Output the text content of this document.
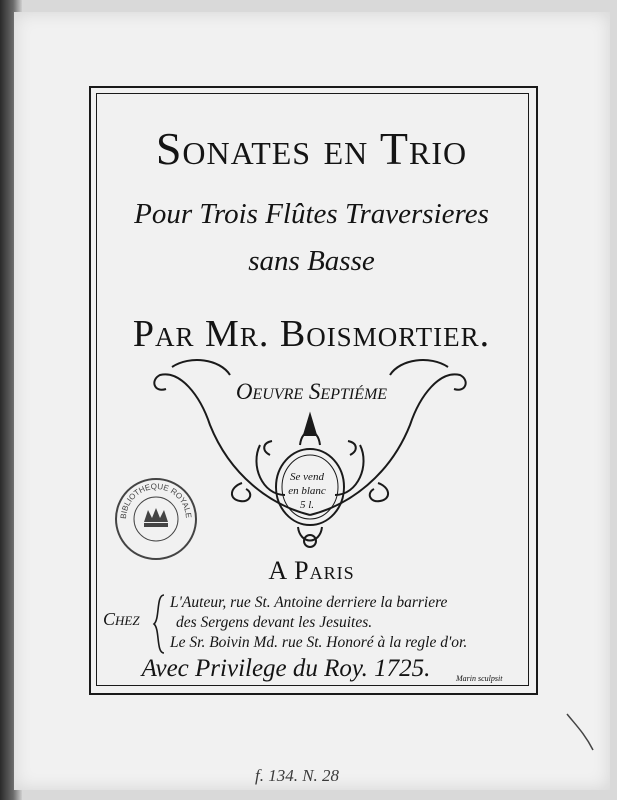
Sonates en Trio
Pour Trois Flûtes Traversieres
sans Basse
Par Mr. Boismortier.
Oeuvre Septiéme
Se vend
en blanc
5 l.
BIBLIOTHEQUE ROYALE
A Paris
Chez
L'Auteur, rue St. Antoine derriere la barriere
des Sergens devant les Jesuites.
Le Sr. Boivin Md. rue St. Honoré à la regle d'or.
Avec Privilege du Roy. 1725.	Marin sculpsit
f. 134. N. 28
